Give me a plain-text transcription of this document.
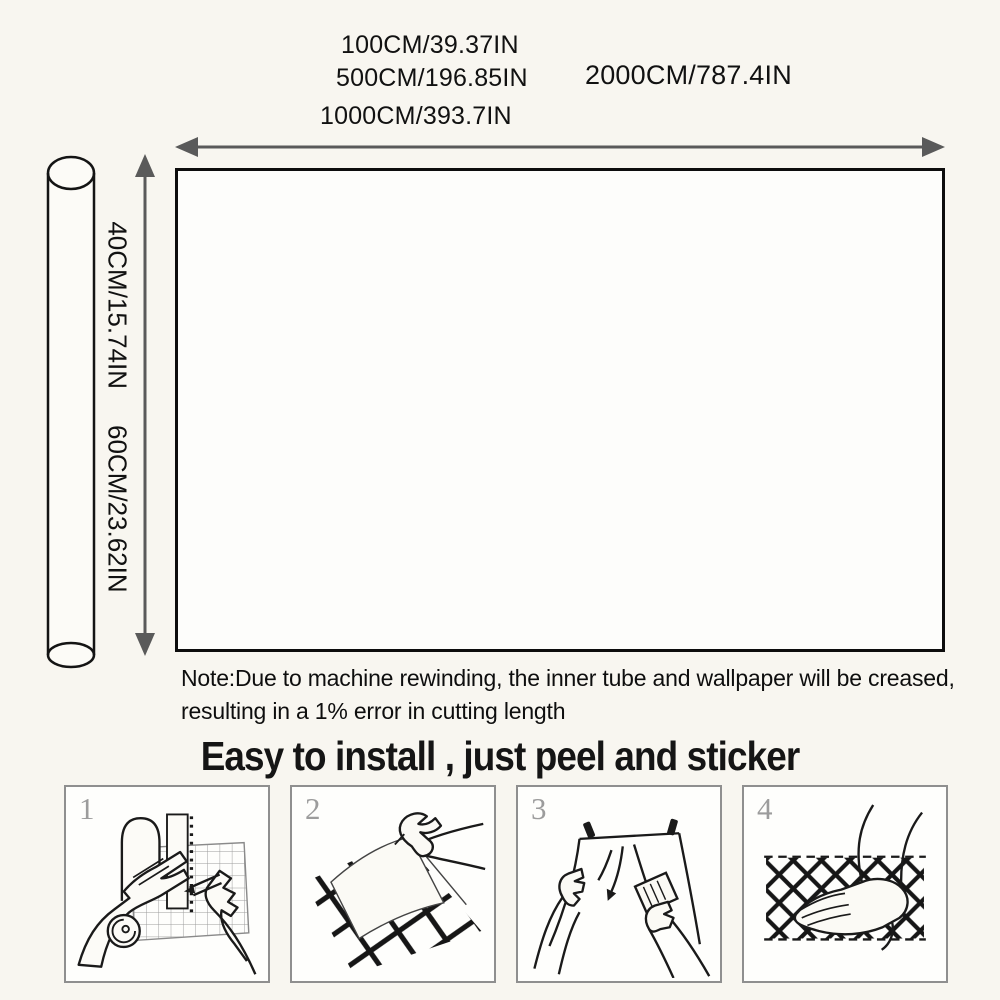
100CM/39.37IN
500CM/196.85IN
1000CM/393.7IN
2000CM/787.4IN
40CM/15.74IN
60CM/23.62IN
Note:Due to machine rewinding, the inner tube and wallpaper will be creased,
resulting in a 1% error in cutting length
Easy to install , just peel and sticker
1	2	3	4
